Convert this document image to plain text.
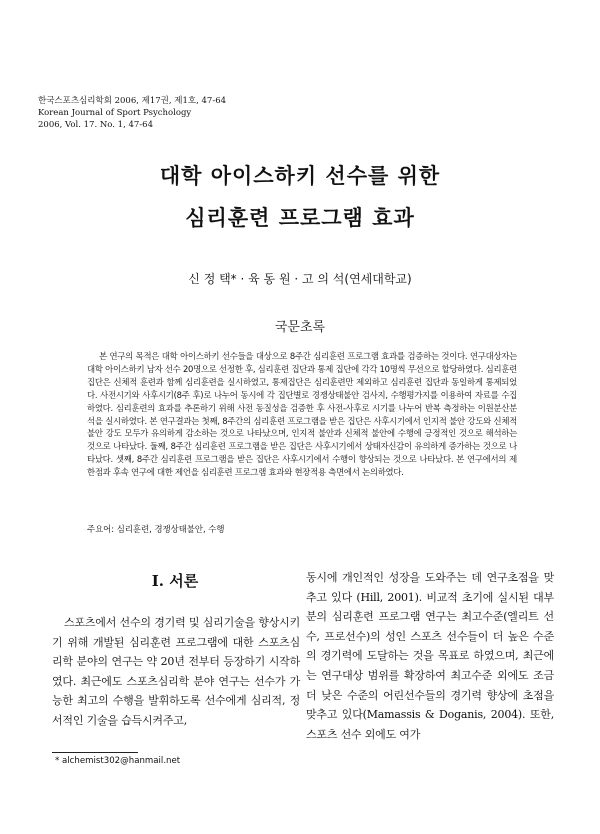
한국스포츠심리학회 2006, 제17권, 제1호, 47-64
Korean Journal of Sport Psychology
2006, Vol. 17. No. 1, 47-64
대학 아이스하키 선수를 위한
심리훈련 프로그램 효과
신 정 택* · 육 동 원 · 고 의 석(연세대학교)
국문초록
본 연구의 목적은 대학 아이스하키 선수들을 대상으로 8주간 심리훈련 프로그램 효과를 검증하는 것이다. 연구대상자는 대학 아이스하키 남자 선수 20명으로 선정한 후, 심리훈련 집단과 통제 집단에 각각 10명씩 무선으로 할당하였다. 심리훈련 집단은 신체적 훈련과 함께 심리훈련을 실시하였고, 통제집단은 심리훈련만 제외하고 심리훈련 집단과 동일하게 통제되었다. 사전시기와 사후시기(8주 후)로 나누어 동시에 각 집단별로 경쟁상태불안 검사지, 수행평가지를 이용하여 자료를 수집하였다. 심리훈련의 효과를 추론하기 위해 사전 동질성을 검증한 후 사전-사후로 시기를 나누어 반복 측정하는 이원분산분석을 실시하였다. 본 연구결과는 첫째, 8주간의 심리훈련 프로그램을 받은 집단은 사후시기에서 인지적 불안 강도와 신체적 불안 강도 모두가 유의하게 감소하는 것으로 나타났으며, 인지적 불안과 신체적 불안에 수행에 긍정적인 것으로 해석하는 것으로 나타났다. 둘째, 8주간 심리훈련 프로그램을 받은 집단은 사후시기에서 상태자신감이 유의하게 증가하는 것으로 나타났다. 셋째, 8주간 심리훈련 프로그램을 받은 집단은 사후시기에서 수행이 향상되는 것으로 나타났다. 본 연구에서의 제한점과 후속 연구에 대한 제언을 심리훈련 프로그램 효과와 현장적용 측면에서 논의하였다.
주요어: 심리훈련, 경쟁상태불안, 수행
I. 서론
스포츠에서 선수의 경기력 및 심리기술을 향상시키기 위해 개발된 심리훈련 프로그램에 대한 스포츠심리학 분야의 연구는 약 20년 전부터 등장하기 시작하였다. 최근에도 스포츠심리학 분야 연구는 선수가 가능한 최고의 수행을 발휘하도록 선수에게 심리적, 정서적인 기술을 습득시켜주고,
동시에 개인적인 성장을 도와주는 데 연구초점을 맞추고 있다 (Hill, 2001). 비교적 초기에 실시된 대부분의 심리훈련 프로그램 연구는 최고수준(엘리트 선수, 프로선수)의 성인 스포츠 선수들이 더 높은 수준의 경기력에 도달하는 것을 목표로 하였으며, 최근에는 연구대상 범위를 확장하여 최고수준 외에도 조금 더 낮은 수준의 어린선수들의 경기력 향상에 초점을 맞추고 있다(Mamassis & Doganis, 2004). 또한, 스포츠 선수 외에도 여가
* alchemist302@hanmail.net
